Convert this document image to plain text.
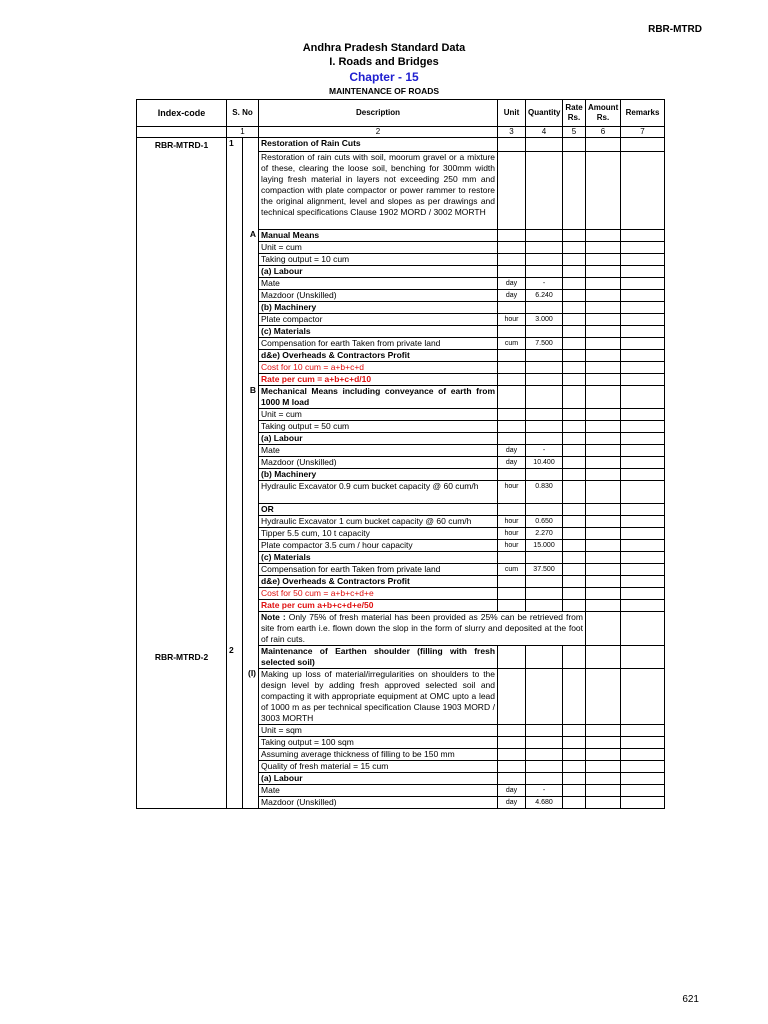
RBR-MTRD
Andhra Pradesh Standard Data
I. Roads and Bridges
Chapter - 15
MAINTENANCE OF ROADS
Index-code	S. No		Description	Unit	Quantity	Rate Rs.	Amount Rs.	Remarks	
	1		2	3	4	5	6	7	
RBR-MTRD-1	1		Restoration of Rain Cuts						
			Restoration of rain cuts with soil, moorum gravel or a mixture of these, clearing the loose soil, benching for 300mm width laying fresh material in layers not exceeding 250 mm and compaction with plate compactor or power rammer to restore the original alignment, level and slopes as per drawings and technical specifications Clause 1902 MORD / 3002 MORTH						
		A	Manual Means						
			Unit = cum						
			Taking output = 10 cum						
			(a) Labour						
			Mate	day	-				
			Mazdoor (Unskilled)	day	6.240				
			(b) Machinery						
			Plate compactor	hour	3.000				
			(c) Materials						
			Compensation for earth Taken from private land	cum	7.500				
			d&e) Overheads & Contractors Profit						
			Cost for 10 cum = a+b+c+d						
			Rate per cum = a+b+c+d/10						
		B	Mechanical Means including conveyance of earth from 1000 M load						
			Unit = cum						
			Taking output = 50 cum						
			(a) Labour						
			Mate	day	-				
			Mazdoor (Unskilled)	day	10.400				
			(b) Machinery						
			Hydraulic Excavator 0.9 cum bucket capacity @ 60 cum/h	hour	0.830				
			OR						
			Hydraulic Excavator 1 cum bucket capacity @ 60 cum/h	hour	0.650				
			Tipper 5.5 cum, 10 t capacity	hour	2.270				
			Plate compactor 3.5 cum / hour capacity	hour	15.000				
			(c) Materials						
			Compensation for earth Taken from private land	cum	37.500				
			d&e) Overheads & Contractors Profit						
			Cost for 50 cum = a+b+c+d+e						
			Rate per cum a+b+c+d+e/50						
			Note : Only 75% of fresh material has been provided as 25% can be retrieved from site from earth i.e. flown down the slop in the form of slurry and deposited at the foot of rain cuts.						
RBR-MTRD-2	2		Maintenance of Earthen shoulder (filling with fresh selected soil)						
		(I)	Making up loss of material/irregularities on shoulders to the design level by adding fresh approved selected soil and compacting it with appropriate equipment at OMC upto a lead of 1000 m as per technical specification Clause 1903 MORD / 3003 MORTH						
			Unit = sqm						
			Taking output = 100 sqm						
			Assuming average thickness of filling to be 150 mm						
			Quality of fresh material = 15 cum						
			(a) Labour						
			Mate	day	-				
			Mazdoor (Unskilled)	day	4.680				
621
